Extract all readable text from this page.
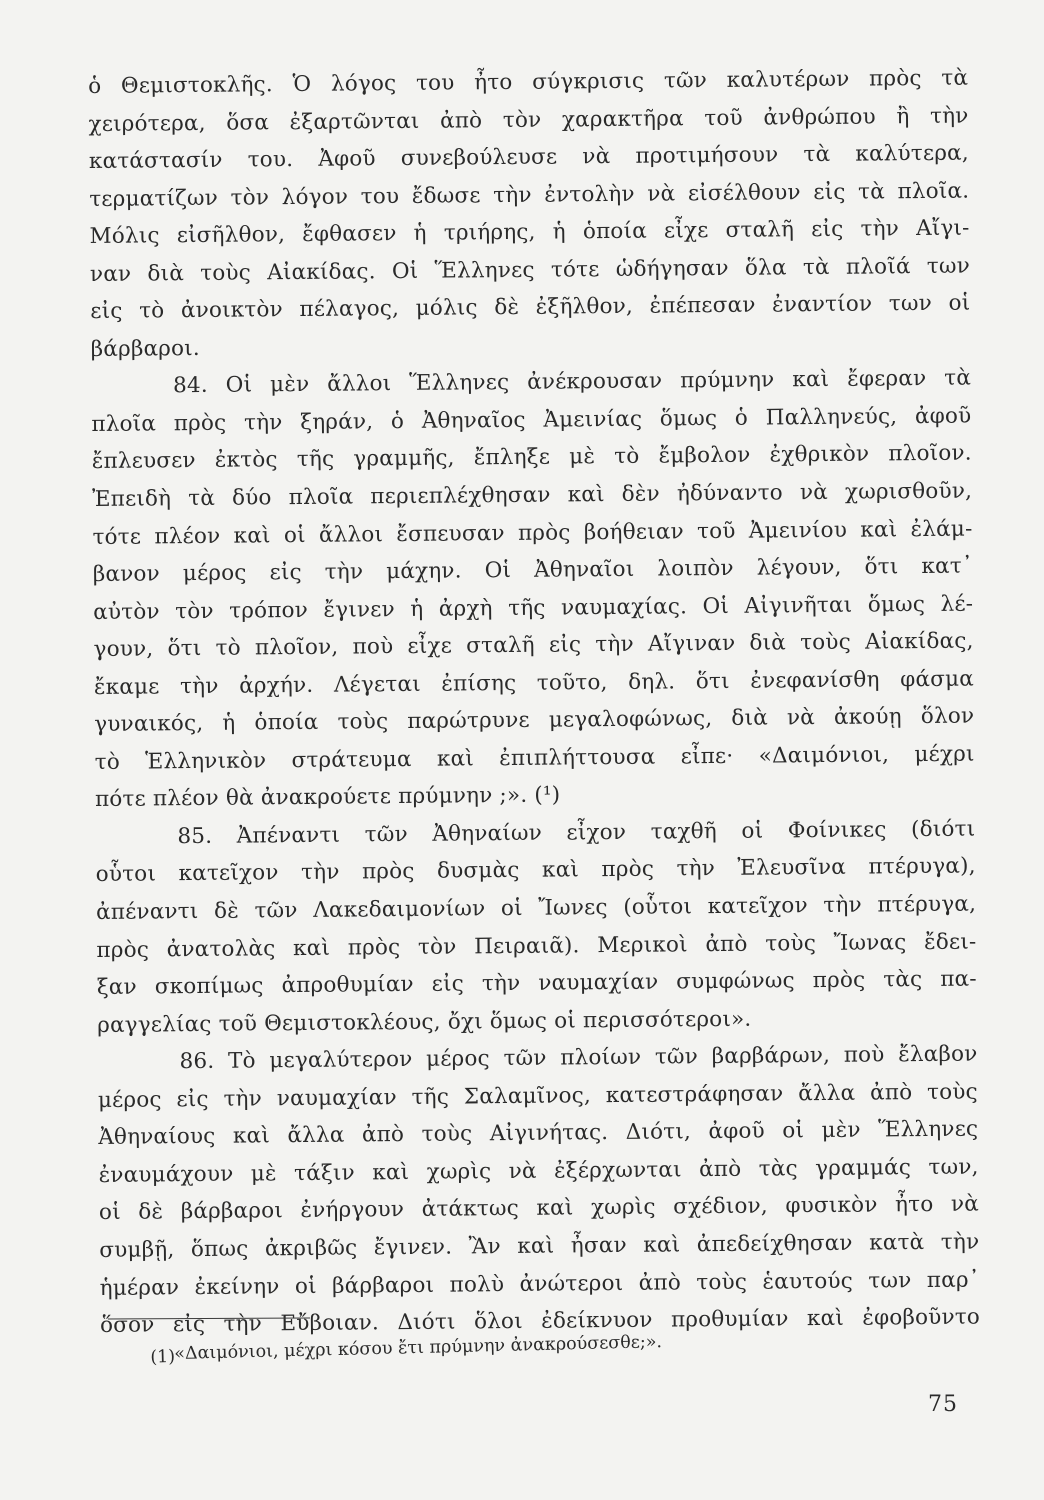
ὁ Θεμιστοκλῆς. Ὁ λόγος του ἦτο σύγκρισις τῶν καλυτέρων πρὸς τὰ
χειρότερα, ὅσα ἐξαρτῶνται ἀπὸ τὸν χαρακτῆρα τοῦ ἀνθρώπου ἢ τὴν
κατάστασίν του. Ἀφοῦ συνεβούλευσε νὰ προτιμήσουν τὰ καλύτερα,
τερματίζων τὸν λόγον του ἔδωσε τὴν ἐντολὴν νὰ εἰσέλθουν εἰς τὰ πλοῖα.
Μόλις εἰσῆλθον, ἔφθασεν ἡ τριήρης, ἡ ὁποία εἶχε σταλῆ εἰς τὴν Αἴγι-
ναν διὰ τοὺς Αἰακίδας. Οἱ Ἕλληνες τότε ὡδήγησαν ὅλα τὰ πλοῖά των
εἰς τὸ ἀνοικτὸν πέλαγος, μόλις δὲ ἐξῆλθον, ἐπέπεσαν ἐναντίον των οἱ
βάρβαροι.
84. Οἱ μὲν ἄλλοι Ἕλληνες ἀνέκρουσαν πρύμνην καὶ ἔφεραν τὰ
πλοῖα πρὸς τὴν ξηράν, ὁ Ἀθηναῖος Ἀμεινίας ὅμως ὁ Παλληνεύς, ἀφοῦ
ἔπλευσεν ἐκτὸς τῆς γραμμῆς, ἔπληξε μὲ τὸ ἔμβολον ἐχθρικὸν πλοῖον.
Ἐπειδὴ τὰ δύο πλοῖα περιεπλέχθησαν καὶ δὲν ἠδύναντο νὰ χωρισθοῦν,
τότε πλέον καὶ οἱ ἄλλοι ἔσπευσαν πρὸς βοήθειαν τοῦ Ἀμεινίου καὶ ἐλάμ-
βανον μέρος εἰς τὴν μάχην. Οἱ Ἀθηναῖοι λοιπὸν λέγουν, ὅτι κατ᾽
αὐτὸν τὸν τρόπον ἔγινεν ἡ ἀρχὴ τῆς ναυμαχίας. Οἱ Αἰγινῆται ὅμως λέ-
γουν, ὅτι τὸ πλοῖον, ποὺ εἶχε σταλῆ εἰς τὴν Αἴγιναν διὰ τοὺς Αἰακίδας,
ἔκαμε τὴν ἀρχήν. Λέγεται ἐπίσης τοῦτο, δηλ. ὅτι ἐνεφανίσθη φάσμα
γυναικός, ἡ ὁποία τοὺς παρώτρυνε μεγαλοφώνως, διὰ νὰ ἀκούῃ ὅλον
τὸ Ἑλληνικὸν στράτευμα καὶ ἐπιπλήττουσα εἶπε· «Δαιμόνιοι, μέχρι
πότε πλέον θὰ ἀνακρούετε πρύμνην ;». (¹)
85. Ἀπέναντι τῶν Ἀθηναίων εἶχον ταχθῆ οἱ Φοίνικες (διότι
οὗτοι κατεῖχον τὴν πρὸς δυσμὰς καὶ πρὸς τὴν Ἐλευσῖνα πτέρυγα),
ἀπέναντι δὲ τῶν Λακεδαιμονίων οἱ Ἴωνες (οὗτοι κατεῖχον τὴν πτέρυγα,
πρὸς ἀνατολὰς καὶ πρὸς τὸν Πειραιᾶ). Μερικοὶ ἀπὸ τοὺς Ἴωνας ἔδει-
ξαν σκοπίμως ἀπροθυμίαν εἰς τὴν ναυμαχίαν συμφώνως πρὸς τὰς πα-
ραγγελίας τοῦ Θεμιστοκλέους, ὄχι ὅμως οἱ περισσότεροι».
86. Τὸ μεγαλύτερον μέρος τῶν πλοίων τῶν βαρβάρων, ποὺ ἔλαβον
μέρος εἰς τὴν ναυμαχίαν τῆς Σαλαμῖνος, κατεστράφησαν ἄλλα ἀπὸ τοὺς
Ἀθηναίους καὶ ἄλλα ἀπὸ τοὺς Αἰγινήτας. Διότι, ἀφοῦ οἱ μὲν Ἕλληνες
ἐναυμάχουν μὲ τάξιν καὶ χωρὶς νὰ ἐξέρχωνται ἀπὸ τὰς γραμμάς των,
οἱ δὲ βάρβαροι ἐνήργουν ἀτάκτως καὶ χωρὶς σχέδιον, φυσικὸν ἦτο νὰ
συμβῇ, ὅπως ἀκριβῶς ἔγινεν. Ἂν καὶ ἦσαν καὶ ἀπεδείχθησαν κατὰ τὴν
ἡμέραν ἐκείνην οἱ βάρβαροι πολὺ ἀνώτεροι ἀπὸ τοὺς ἑαυτούς των παρ᾽
ὅσον εἰς τὴν Εὔβοιαν. Διότι ὅλοι ἐδείκνυον προθυμίαν καὶ ἐφοβοῦντο
(1)
«Δαιμόνιοι, μέχρι κόσου ἔτι πρύμνην ἀνακρούσεσθε;».
75
